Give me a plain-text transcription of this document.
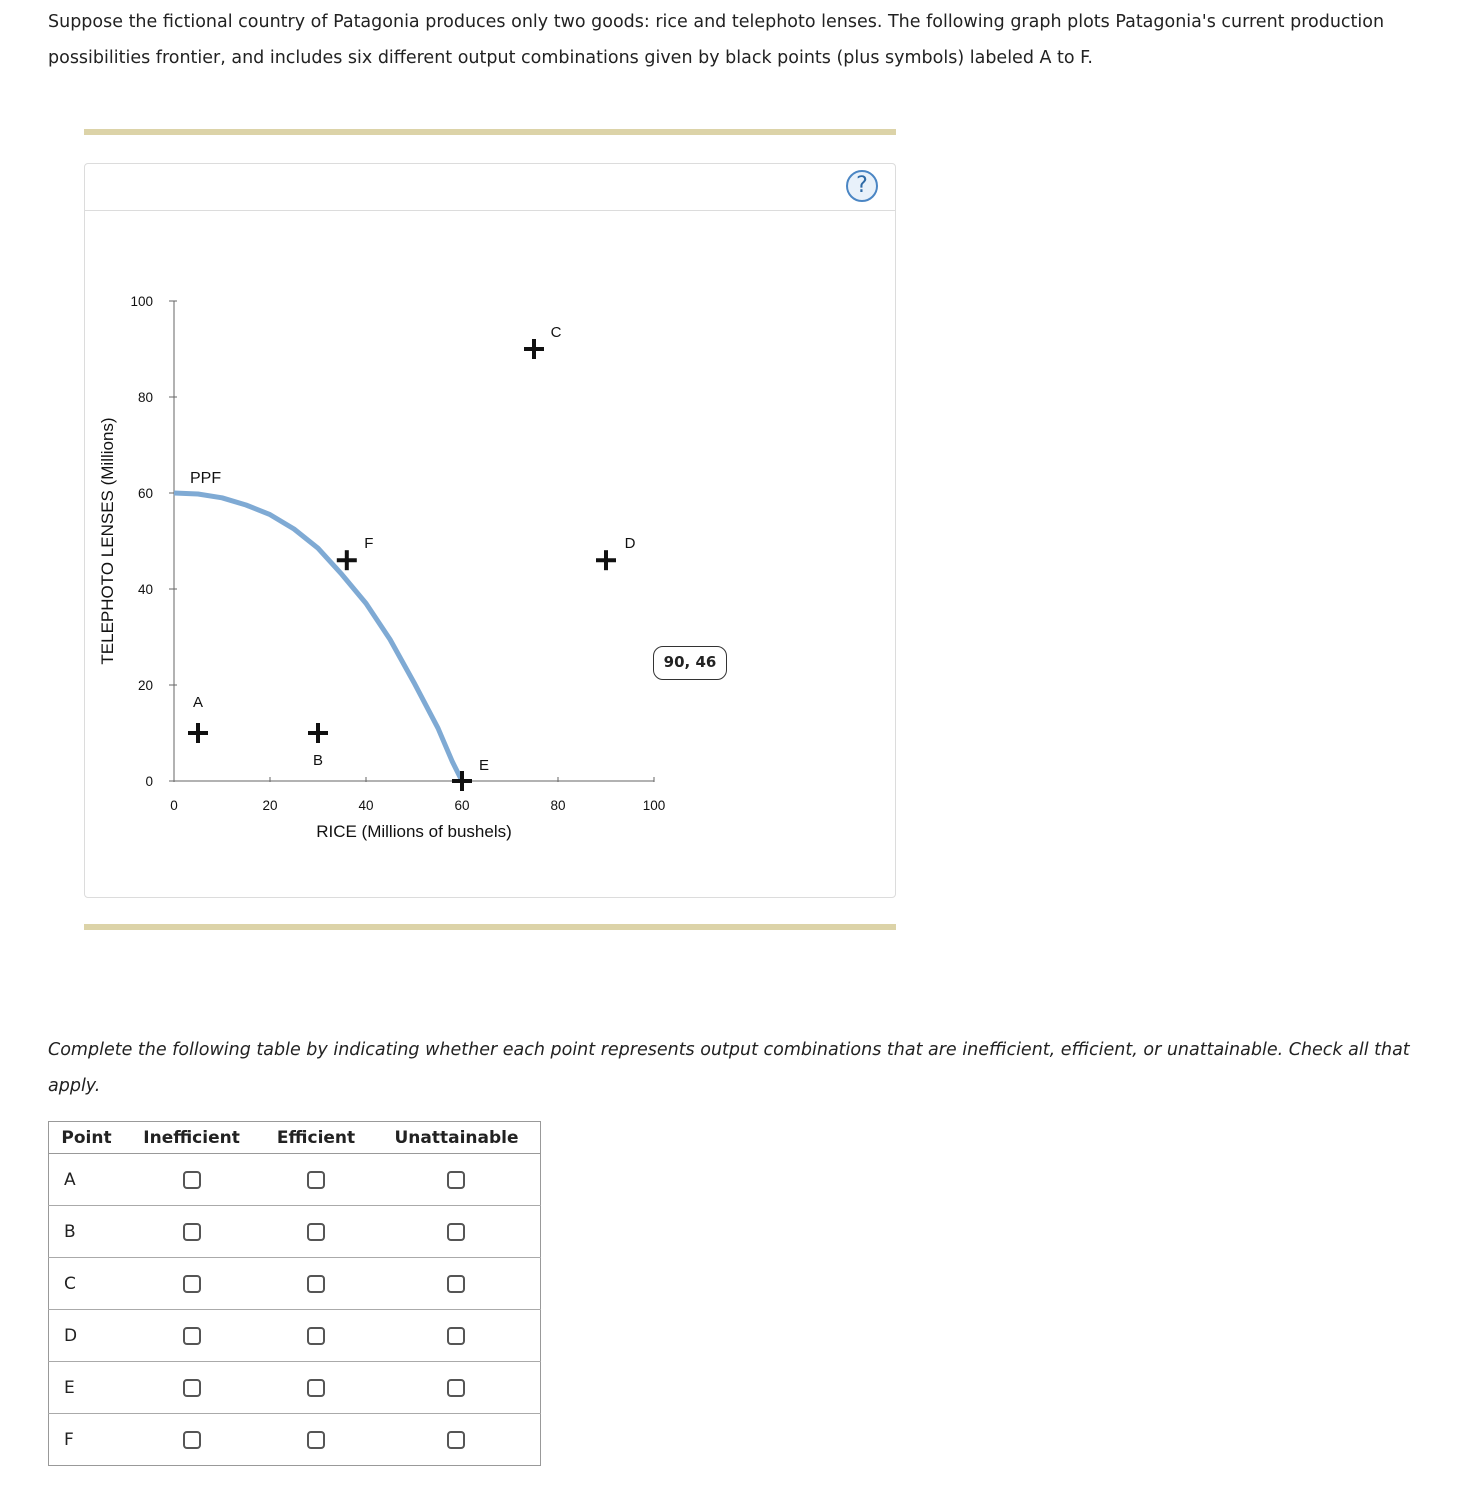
Suppose the fictional country of Patagonia produces only two goods: rice and telephoto lenses. The following graph plots Patagonia's current production possibilities frontier, and includes six different output combinations given by black points (plus symbols) labeled A to F.

?
0	20	40	60	80	100
0
20
40
60
80
100
RICE (Millions of bushels)
TELEPHOTO LENSES (Millions)	PPF
A
B
C
D
E
F
90, 46

Complete the following table by indicating whether each point represents output combinations that are inefficient, efficient, or unattainable. Check all that apply.

Point	Inefficient	Efficient	Unattainable
A			
B			
C			
D			
E			
F			
